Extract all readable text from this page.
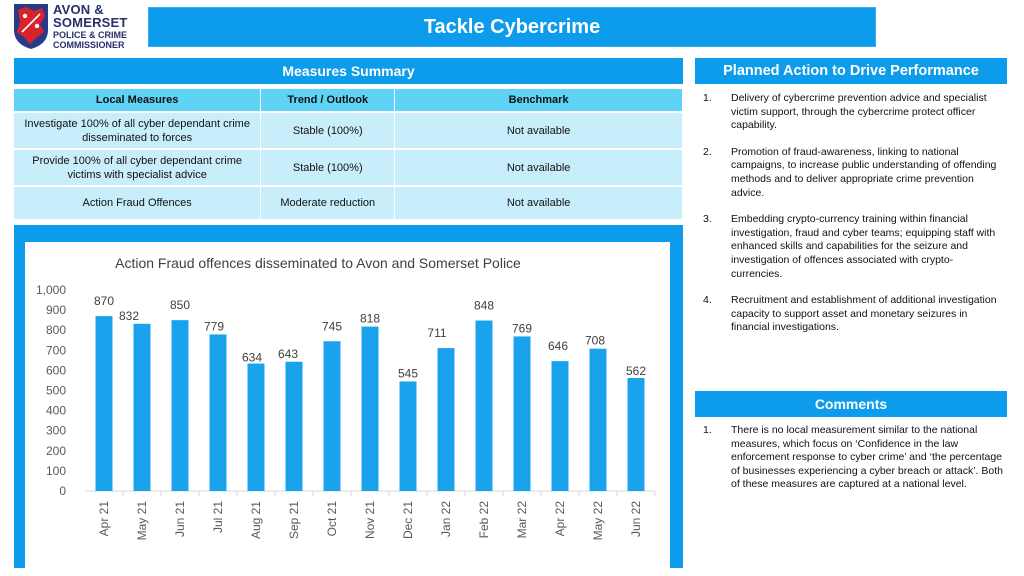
AVON &
SOMERSET
POLICE & CRIME
COMMISSIONER
Tackle Cybercrime
Measures Summary
Local Measures	Trend / Outlook	Benchmark
Investigate 100% of all cyber dependant crime disseminated to forces	Stable (100%)	Not available
Provide 100% of all cyber dependant crime victims with specialist advice	Stable (100%)	Not available
Action Fraud Offences	Moderate reduction	Not available
Action Fraud offences disseminated to Avon and Somerset Police
0
100
200
300
400
500
600
700
800
900
1,000
870
832
850
779
634 643
745
818
545
711
848
769
646 708
562
Apr 21 May 21 Jun 21 Jul 21 Aug 21 Sep 21 Oct 21 Nov 21 Dec 21 Jan 22 Feb 22 Mar 22 Apr 22 May 22 Jun 22
Planned Action to Drive Performance
1. Delivery of cybercrime prevention advice and specialist victim support, through the cybercrime protect officer capability.
2. Promotion of fraud-awareness, linking to national campaigns, to increase public understanding of offending methods and to deliver appropriate crime prevention advice.
3. Embedding crypto-currency training within financial investigation, fraud and cyber teams; equipping staff with enhanced skills and capabilities for the seizure and investigation of offences associated with crypto-currencies.
4. Recruitment and establishment of additional investigation capacity to support asset and monetary seizures in financial investigations.
Comments
1. There is no local measurement similar to the national measures, which focus on ‘Confidence in the law enforcement response to cyber crime’ and ‘the percentage of businesses experiencing a cyber breach or attack’. Both of these measures are captured at a national level.
